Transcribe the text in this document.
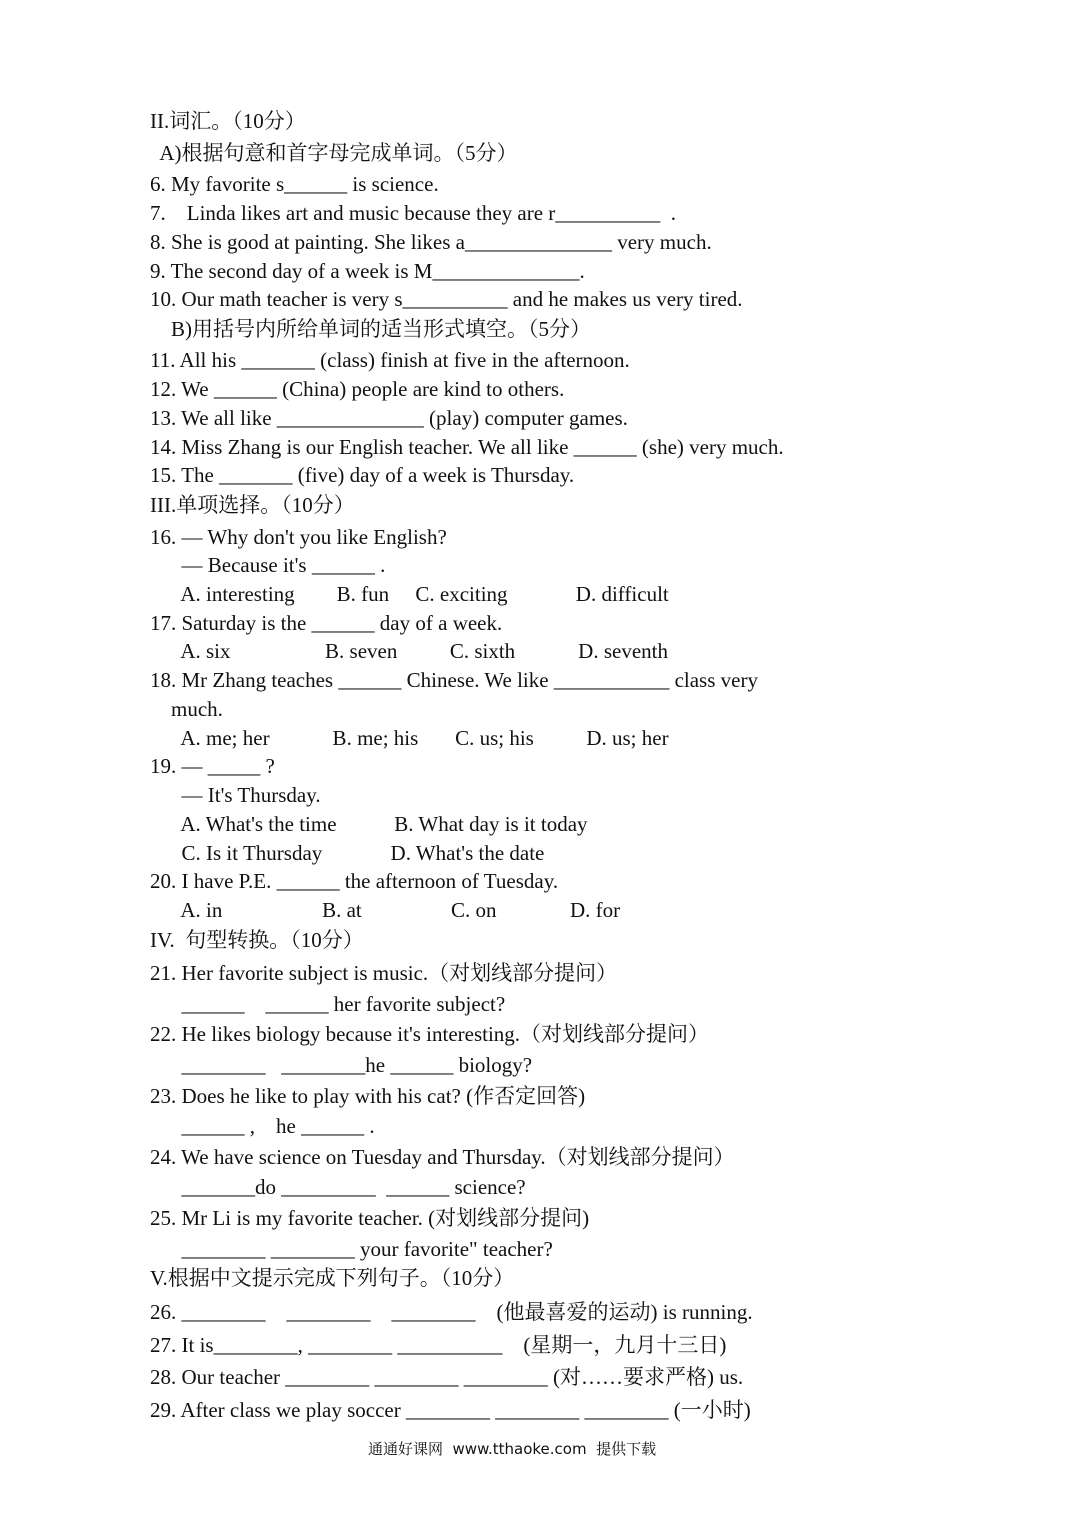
II.词汇。（10分）
A)根据句意和首字母完成单词。（5分）
6. My favorite s______ is science.
7.    Linda likes art and music because they are r__________  .
8. She is good at painting. She likes a______________ very much.
9. The second day of a week is M______________.
10. Our math teacher is very s__________ and he makes us very tired.
B)用括号内所给单词的适当形式填空。（5分）
11. All his _______ (class) finish at five in the afternoon.
12. We ______ (China) people are kind to others.
13. We all like ______________ (play) computer games.
14. Miss Zhang is our English teacher. We all like ______ (she) very much.
15. The _______ (five) day of a week is Thursday.
III.单项选择。（10分）
16. — Why don't you like English?
— Because it's ______ .
A. interesting        B. fun     C. exciting             D. difficult
17. Saturday is the ______ day of a week.
A. six                  B. seven          C. sixth            D. seventh
18. Mr Zhang teaches ______ Chinese. We like ___________ class very
much.
A. me; her            B. me; his       C. us; his          D. us; her
19. — _____ ?
— It's Thursday.
A. What's the time           B. What day is it today
C. Is it Thursday             D. What's the date
20. I have P.E. ______ the afternoon of Tuesday.
A. in                   B. at                 C. on              D. for
IV.  句型转换。（10分）
21. Her favorite subject is music.（对划线部分提问）
______    ______ her favorite subject?
22. He likes biology because it's interesting.（对划线部分提问）
________   ________he ______ biology?
23. Does he like to play with his cat? (作否定回答)
______ ,    he ______ .
24. We have science on Tuesday and Thursday.（对划线部分提问）
_______do _________  ______ science?
25. Mr Li is my favorite teacher. (对划线部分提问)
________ ________ your favorite" teacher?
V.根据中文提示完成下列句子。（10分）
26. ________    ________    ________    (他最喜爱的运动) is running.
27. It is________, ________ __________    (星期一，九月十三日)
28. Our teacher ________ ________ ________ (对……要求严格) us.
29. After class we play soccer ________ ________ ________ (一小时)
通通好课网  www.tthaoke.com  提供下载
